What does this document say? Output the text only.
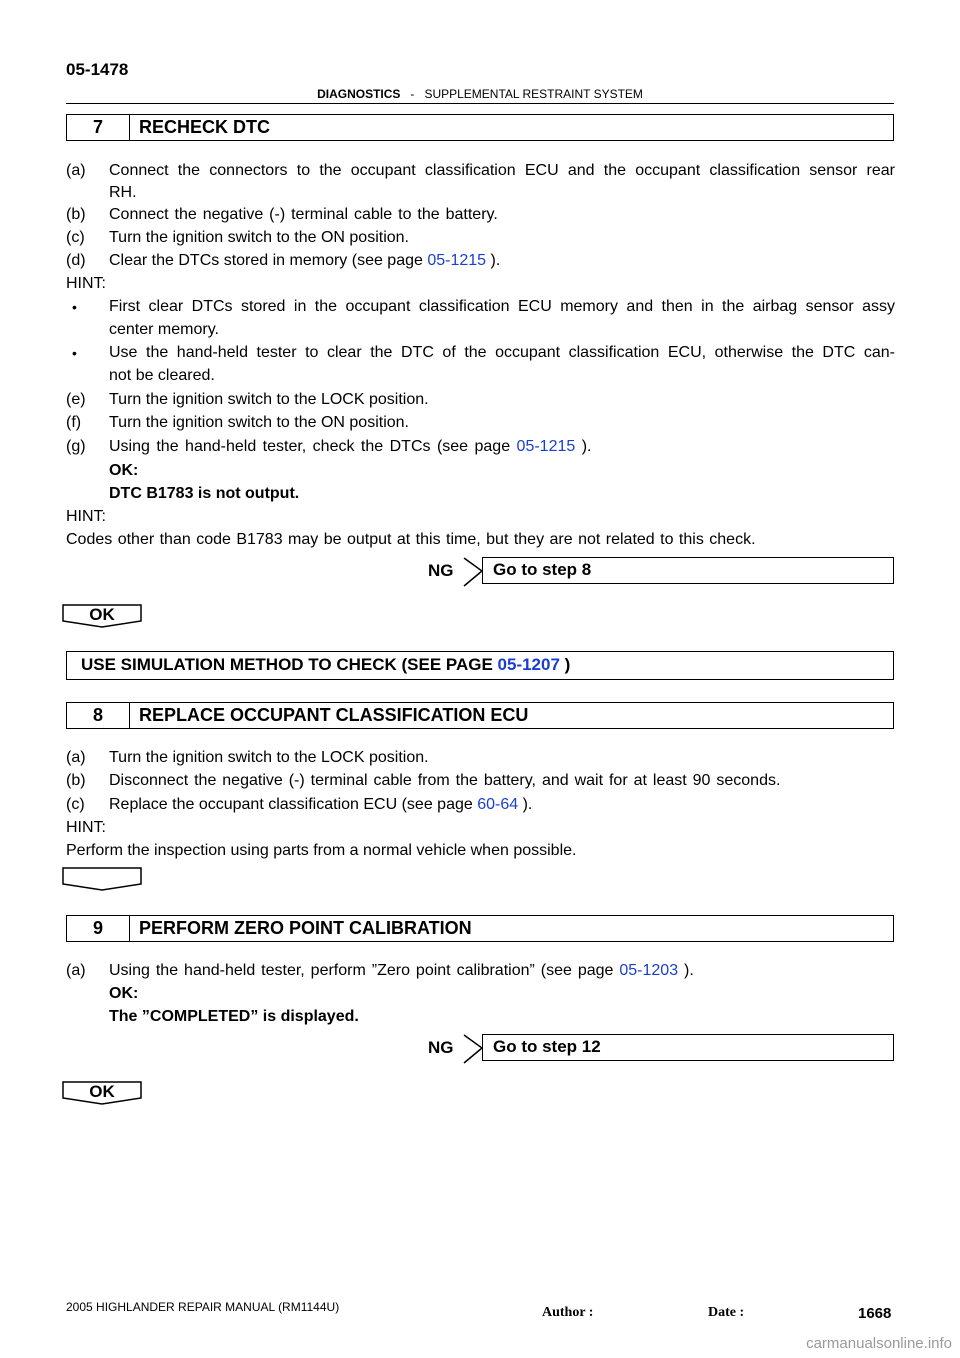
05-1478
DIAGNOSTICS - SUPPLEMENTAL RESTRAINT SYSTEM
7	RECHECK DTC
(a) Connect the connectors to the occupant classification ECU and the occupant classification sensor rear
RH.
(b) Connect the negative (-) terminal cable to the battery.
(c) Turn the ignition switch to the ON position.
(d) Clear the DTCs stored in memory (see page 05-1215 ).
HINT:
• First clear DTCs stored in the occupant classification ECU memory and then in the airbag sensor assy
center memory.
• Use the hand-held tester to clear the DTC of the occupant classification ECU, otherwise the DTC can-
not be cleared.
(e) Turn the ignition switch to the LOCK position.
(f) Turn the ignition switch to the ON position.
(g) Using the hand-held tester, check the DTCs (see page 05-1215 ).
OK:
DTC B1783 is not output.
HINT:
Codes other than code B1783 may be output at this time, but they are not related to this check.
NG	Go to step 8
OK
USE SIMULATION METHOD TO CHECK (SEE PAGE 05-1207 )
8	REPLACE OCCUPANT CLASSIFICATION ECU
(a) Turn the ignition switch to the LOCK position.
(b) Disconnect the negative (-) terminal cable from the battery, and wait for at least 90 seconds.
(c) Replace the occupant classification ECU (see page 60-64 ).
HINT:
Perform the inspection using parts from a normal vehicle when possible.
9	PERFORM ZERO POINT CALIBRATION
(a) Using the hand-held tester, perform ”Zero point calibration” (see page 05-1203 ).
OK:
The ”COMPLETED” is displayed.
NG	Go to step 12
OK
2005 HIGHLANDER REPAIR MANUAL (RM1144U)	Author :	Date :	1668
carmanualsonline.info
